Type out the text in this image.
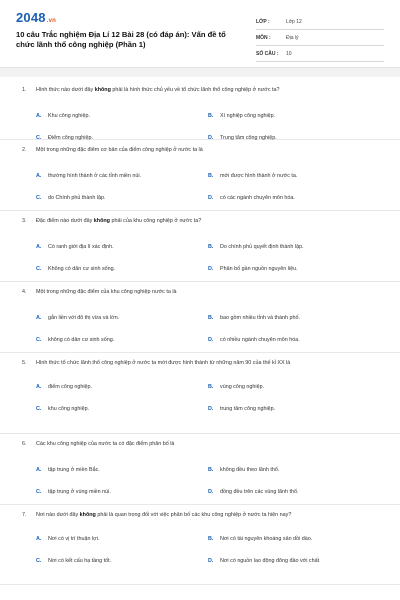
2048.vn
10 câu Trắc nghiệm Địa Lí 12 Bài 28 (có đáp án): Vấn đề tổ chức lãnh thổ công nghiệp (Phần 1)
LỚP :	Lớp 12
MÔN :	Địa lý
SỐ CÂU :	10
1.	Hình thức nào dưới đây không phải là hình thức chủ yếu về tổ chức lãnh thổ công nghiệp ở nước ta?
A.	Khu công nghiệp.	B.	Xí nghiệp công nghiệp.
C.	Điểm công nghiệp.	D.	Trung tâm công nghiệp.
2.	Một trong những đặc điểm cơ bản của điểm công nghiệp ở nước ta là
A.	thường hình thành ở các tỉnh miền núi.	B.	mới được hình thành ở nước ta.
C.	do Chính phủ thành lập.	D.	có các ngành chuyên môn hóa.
3.	Đặc điểm nào dưới đây không phải của khu công nghiệp ở nước ta?
A.	Có ranh giới địa lí xác định.	B.	Do chính phủ quyết định thành lập.
C.	Không có dân cư sinh sống.	D.	Phân bố gần nguồn nguyên liệu.
4.	Một trong những đặc điểm của khu công nghiệp nước ta là
A.	gắn liền với đô thị vừa và lớn.	B.	bao gồm nhiều tỉnh và thành phố.
C.	không có dân cư sinh sống.	D.	có nhiều ngành chuyên môn hóa.
5.	Hình thức tổ chức lãnh thổ công nghiệp ở nước ta mới được hình thành từ những năm 90 của thế kỉ XX là
A.	điểm công nghiệp.	B.	vùng công nghiệp.
C.	khu công nghiệp.	D.	trung tâm công nghiệp.
6.	Các khu công nghiệp của nước ta có đặc điểm phân bố là
A.	tập trung ở miền Bắc.	B.	không đều theo lãnh thổ.
C.	tập trung ở vùng miền núi.	D.	đồng đều trên các vùng lãnh thổ.
7.	Nơi nào dưới đây không phải là quan trọng đối với việc phân bố các khu công nghiệp ở nước ta hiện nay?
A.	Nơi có vị trí thuận lợi.	B.	Nơi có tài nguyên khoáng sản dồi dào.
C.	Nơi có kết cấu hạ tầng tốt.	D.	Nơi có nguồn lao động đông đảo với chất
